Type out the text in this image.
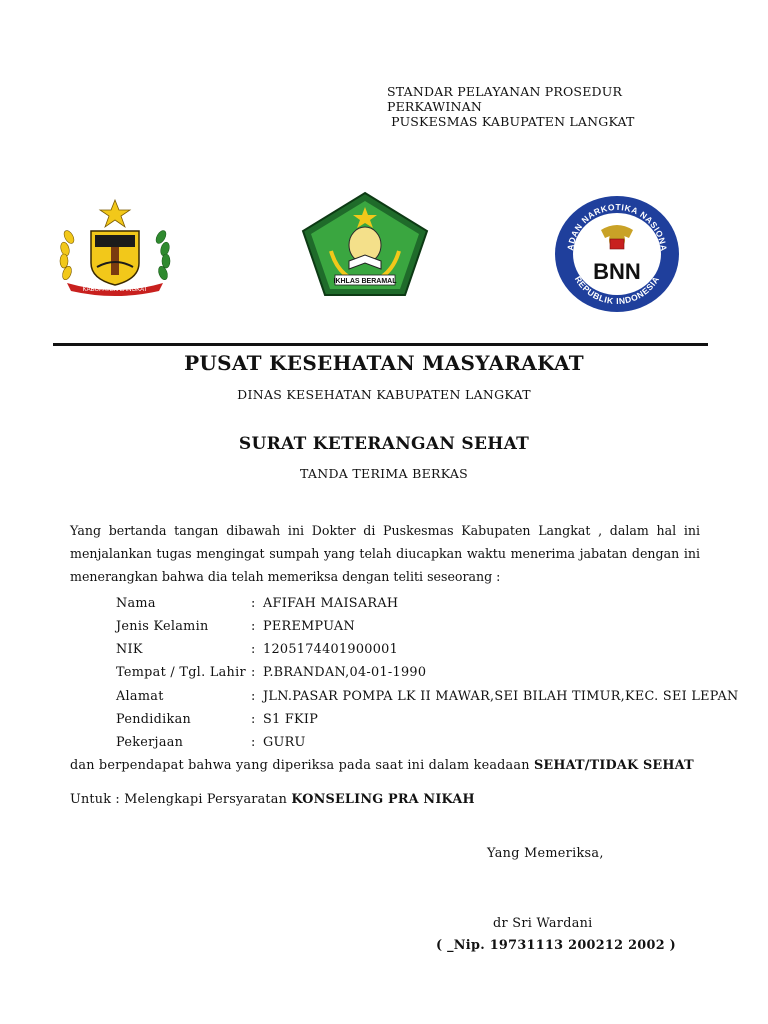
STANDAR PELAYANAN PROSEDUR
PERKAWINAN
PUSKESMAS KABUPATEN LANGKAT
KABUPATEN LANGKAT
IKHLAS BERAMAL
ADAN NARKOTIKA NASIONA
REPUBLIK INDONESIA
BNN
PUSAT KESEHATAN MASYARAKAT
DINAS KESEHATAN KABUPATEN LANGKAT
SURAT KETERANGAN SEHAT
TANDA TERIMA BERKAS
Yang bertanda tangan dibawah ini Dokter di Puskesmas Kabupaten Langkat , dalam hal ini menjalankan tugas mengingat sumpah yang telah diucapkan waktu menerima jabatan dengan ini menerangkan bahwa dia telah memeriksa dengan teliti seseorang :
Nama	: AFIFAH MAISARAH
Jenis Kelamin	: PEREMPUAN
NIK	: 1205174401900001
Tempat / Tgl. Lahir : P.BRANDAN,04-01-1990
Alamat	: JLN.PASAR POMPA LK II MAWAR,SEI BILAH TIMUR,KEC. SEI LEPAN
Pendidikan	: S1 FKIP
Pekerjaan	: GURU
dan berpendapat bahwa yang diperiksa pada saat ini dalam keadaan SEHAT/TIDAK SEHAT
Untuk : Melengkapi Persyaratan KONSELING PRA NIKAH
Yang Memeriksa,
dr Sri Wardani
( _Nip. 19731113 200212 2002 )
